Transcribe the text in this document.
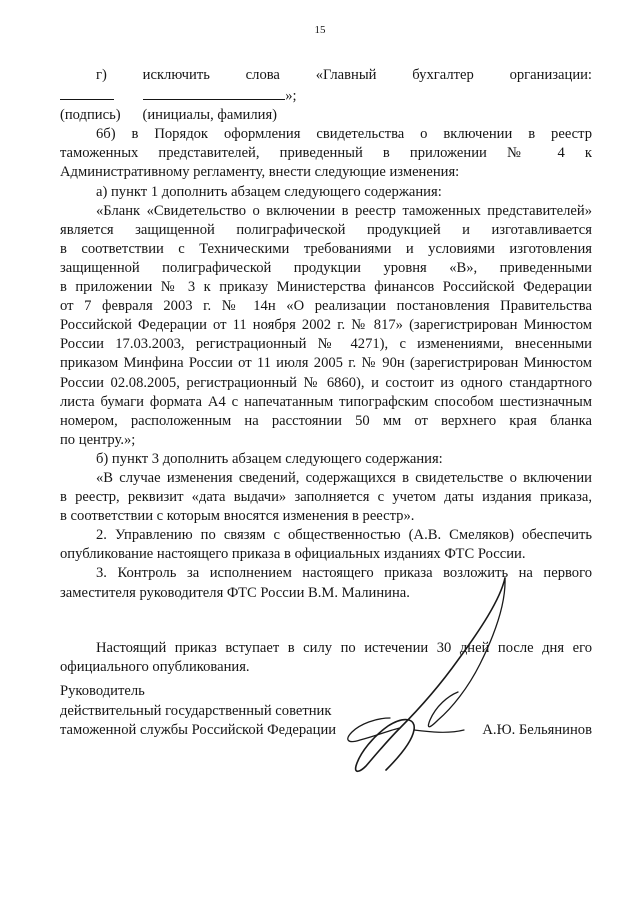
15
г) исключить слова «Главный бухгалтер организации:
»;
(подпись) (инициалы, фамилия)
6б) в Порядок оформления свидетельства о включении в реестр
таможенных представителей, приведенный в приложении № 4 к
Административному регламенту, внести следующие изменения:
а) пункт 1 дополнить абзацем следующего содержания:
«Бланк «Свидетельство о включении в реестр таможенных представителей»
является защищенной полиграфической продукцией и изготавливается
в соответствии с Техническими требованиями и условиями изготовления
защищенной полиграфической продукции уровня «В», приведенными
в приложении № 3 к приказу Министерства финансов Российской Федерации
от 7 февраля 2003 г. № 14н «О реализации постановления Правительства
Российской Федерации от 11 ноября 2002 г. № 817» (зарегистрирован Минюстом
России 17.03.2003, регистрационный № 4271), с изменениями, внесенными
приказом Минфина России от 11 июля 2005 г. № 90н (зарегистрирован Минюстом
России 02.08.2005, регистрационный № 6860), и состоит из одного стандартного
листа бумаги формата А4 с напечатанным типографским способом шестизначным
номером, расположенным на расстоянии 50 мм от верхнего края бланка
по центру.»;
б) пункт 3 дополнить абзацем следующего содержания:
«В случае изменения сведений, содержащихся в свидетельстве о включении
в реестр, реквизит «дата выдачи» заполняется с учетом даты издания приказа,
в соответствии с которым вносятся изменения в реестр».
2. Управлению по связям с общественностью (А.В. Смеляков) обеспечить
опубликование настоящего приказа в официальных изданиях ФТС России.
3. Контроль за исполнением настоящего приказа возложить на первого
заместителя руководителя ФТС России В.М. Малинина.
Настоящий приказ вступает в силу по истечении 30 дней после дня его
официального опубликования.
Руководитель
действительный государственный советник
таможенной службы Российской Федерации	А.Ю. Бельянинов
